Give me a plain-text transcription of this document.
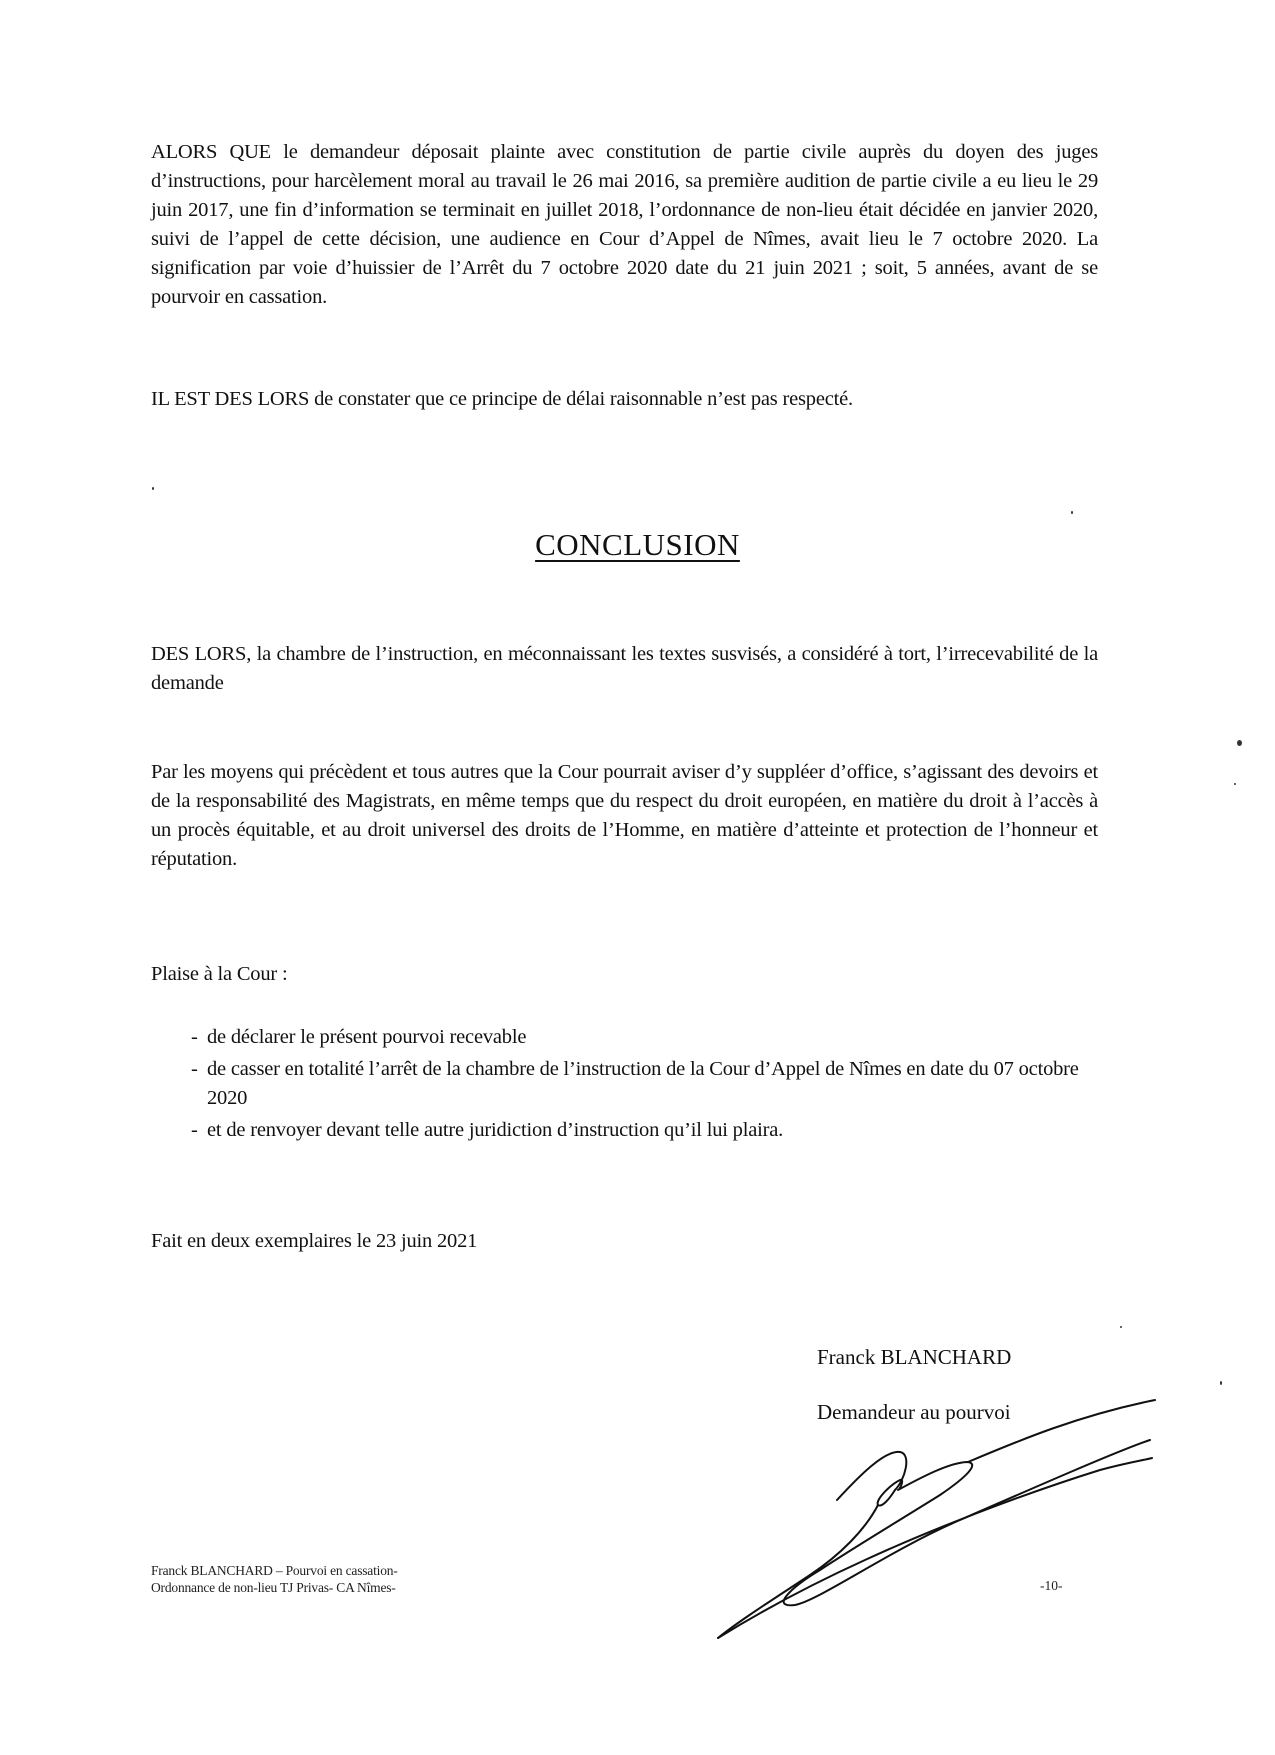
ALORS QUE le demandeur déposait plainte avec constitution de partie civile auprès du doyen des juges d’instructions, pour harcèlement moral au travail le 26 mai 2016, sa première audition de partie civile a eu lieu le 29 juin 2017, une fin d’information se terminait en juillet 2018, l’ordonnance de non-lieu était décidée en janvier 2020, suivi de l’appel de cette décision, une audience en Cour d’Appel de Nîmes, avait lieu le 7 octobre 2020. La signification par voie d’huissier de l’Arrêt du 7 octobre 2020 date du 21 juin 2021 ; soit, 5 années, avant de se pourvoir en cassation.

IL EST DES LORS de constater que ce principe de délai raisonnable n’est pas respecté.

CONCLUSION

DES LORS, la chambre de l’instruction, en méconnaissant les textes susvisés, a considéré à tort, l’irrecevabilité de la demande

Par les moyens qui précèdent et tous autres que la Cour pourrait aviser d’y suppléer d’office, s’agissant des devoirs et de la responsabilité des Magistrats, en même temps que du respect du droit européen, en matière du droit à l’accès à un procès équitable, et au droit universel des droits de l’Homme, en matière d’atteinte et protection de l’honneur et réputation.

Plaise à la Cour :

- de déclarer le présent pourvoi recevable
- de casser en totalité l’arrêt de la chambre de l’instruction de la Cour d’Appel de Nîmes en date du 07 octobre 2020
- et de renvoyer devant telle autre juridiction d’instruction qu’il lui plaira.

Fait en deux exemplaires le 23 juin 2021

Franck BLANCHARD
Demandeur au pourvoi
Franck BLANCHARD – Pourvoi en cassation-
Ordonnance de non-lieu TJ Privas- CA Nîmes-	-10-
